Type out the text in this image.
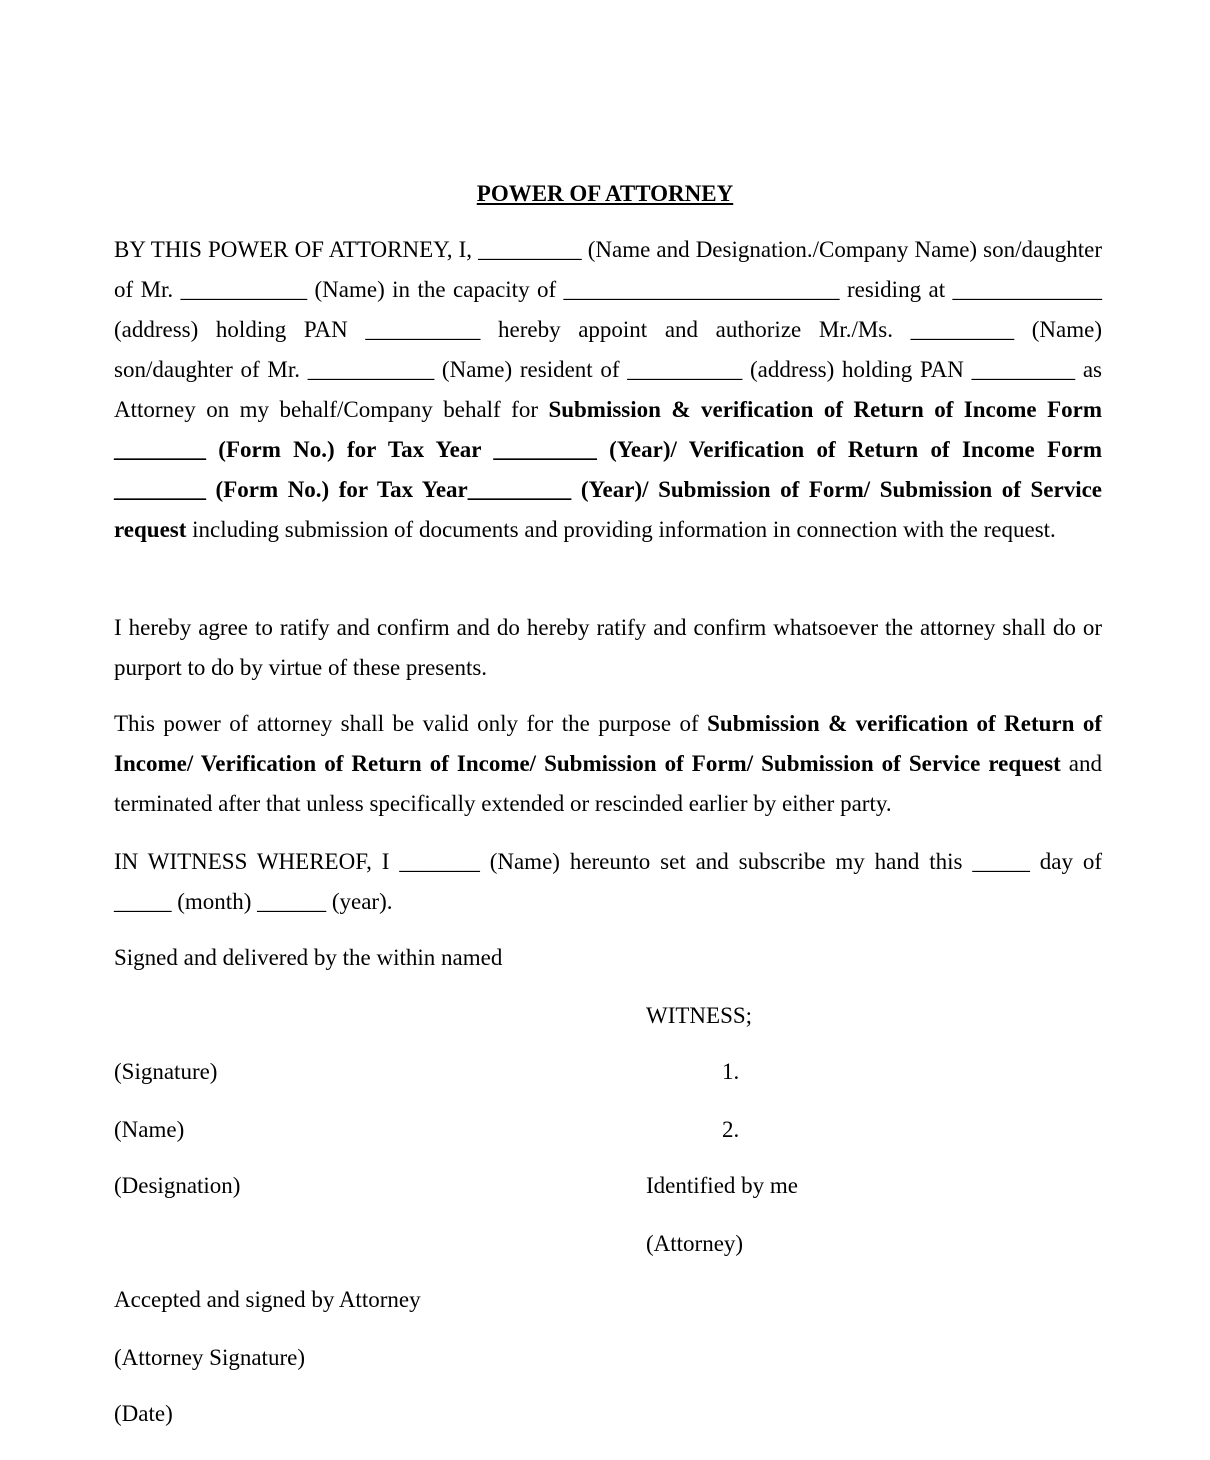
POWER OF ATTORNEY

BY THIS POWER OF ATTORNEY, I, _________ (Name and Designation./Company Name) son/daughter of Mr. ___________ (Name) in the capacity of ________________________ residing at _____________ (address) holding PAN __________ hereby appoint and authorize Mr./Ms. _________ (Name) son/daughter of Mr. ___________ (Name) resident of __________ (address) holding PAN _________ as Attorney on my behalf/Company behalf for Submission & verification of Return of Income Form ________ (Form No.) for Tax Year _________ (Year)/ Verification of Return of Income Form ________ (Form No.) for Tax Year_________ (Year)/ Submission of Form/ Submission of Service request including submission of documents and providing information in connection with the request.

I hereby agree to ratify and confirm and do hereby ratify and confirm whatsoever the attorney shall do or purport to do by virtue of these presents.

This power of attorney shall be valid only for the purpose of Submission & verification of Return of Income/ Verification of Return of Income/ Submission of Form/ Submission of Service request and terminated after that unless specifically extended or rescinded earlier by either party.

IN WITNESS WHEREOF, I _______ (Name) hereunto set and subscribe my hand this _____ day of _____ (month) ______ (year).

Signed and delivered by the within named
WITNESS;
(Signature)	1.
(Name)	2.
(Designation)	Identified by me
(Attorney)
Accepted and signed by Attorney
(Attorney Signature)
(Date)
